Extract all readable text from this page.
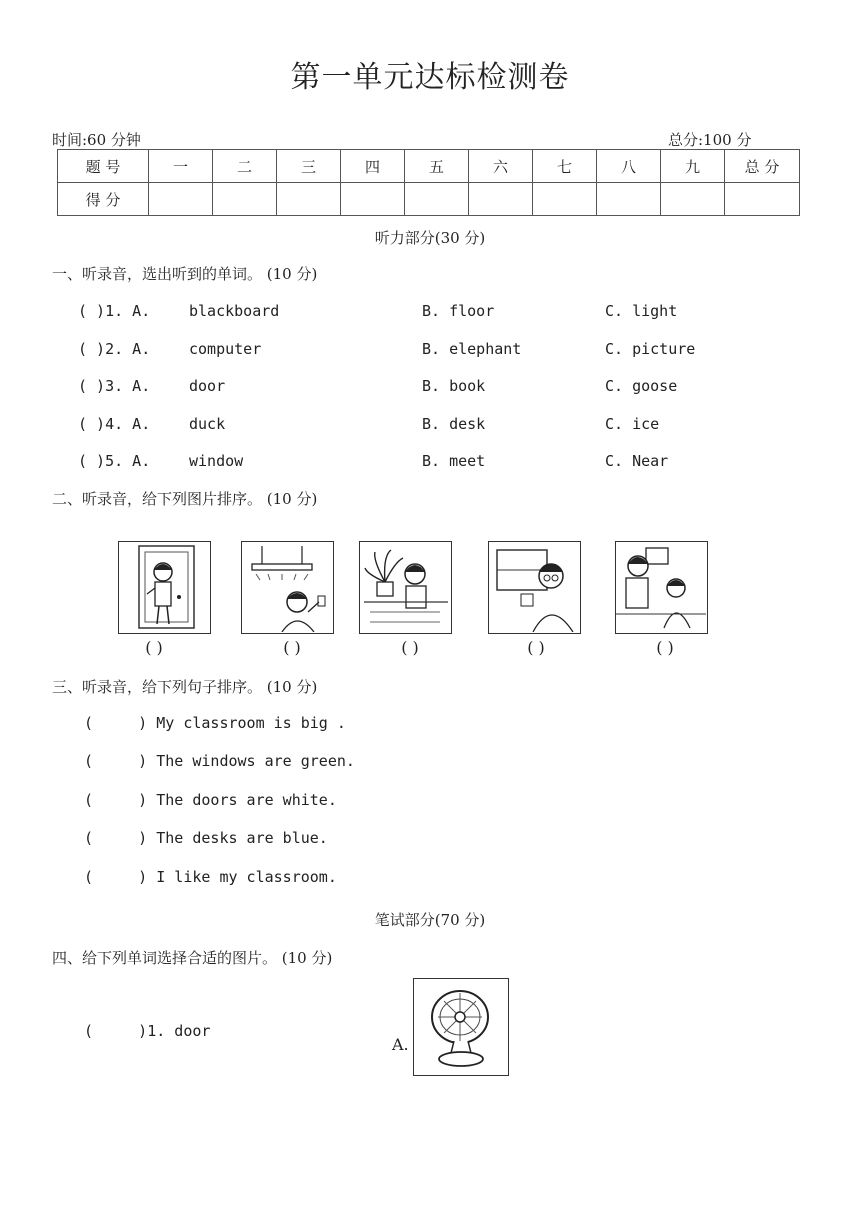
第一单元达标检测卷
时间:60 分钟	总分:100 分
题 号	一	二	三	四	五	六	七	八	九	总 分
得 分										
听力部分(30 分)
一、听录音，选出听到的单词。 (10 分)
( )1. A.	blackboard	B. floor	C. light
( )2. A.	computer	B. elephant	C. picture
( )3. A.	door	B. book	C. goose
( )4. A.	duck	B. desk	C. ice
( )5. A.	window	B. meet	C. Near
二、听录音，给下列图片排序。 (10 分)
( )	( )	( )	( )	( )
三、听录音，给下列句子排序。 (10 分)
(     ) My classroom is big .
(     ) The windows are green.
(     ) The doors are white.
(     ) The desks are blue.
(     ) I like my classroom.
笔试部分(70 分)
四、给下列单词选择合适的图片。 (10 分)
(     )1. door
A.
